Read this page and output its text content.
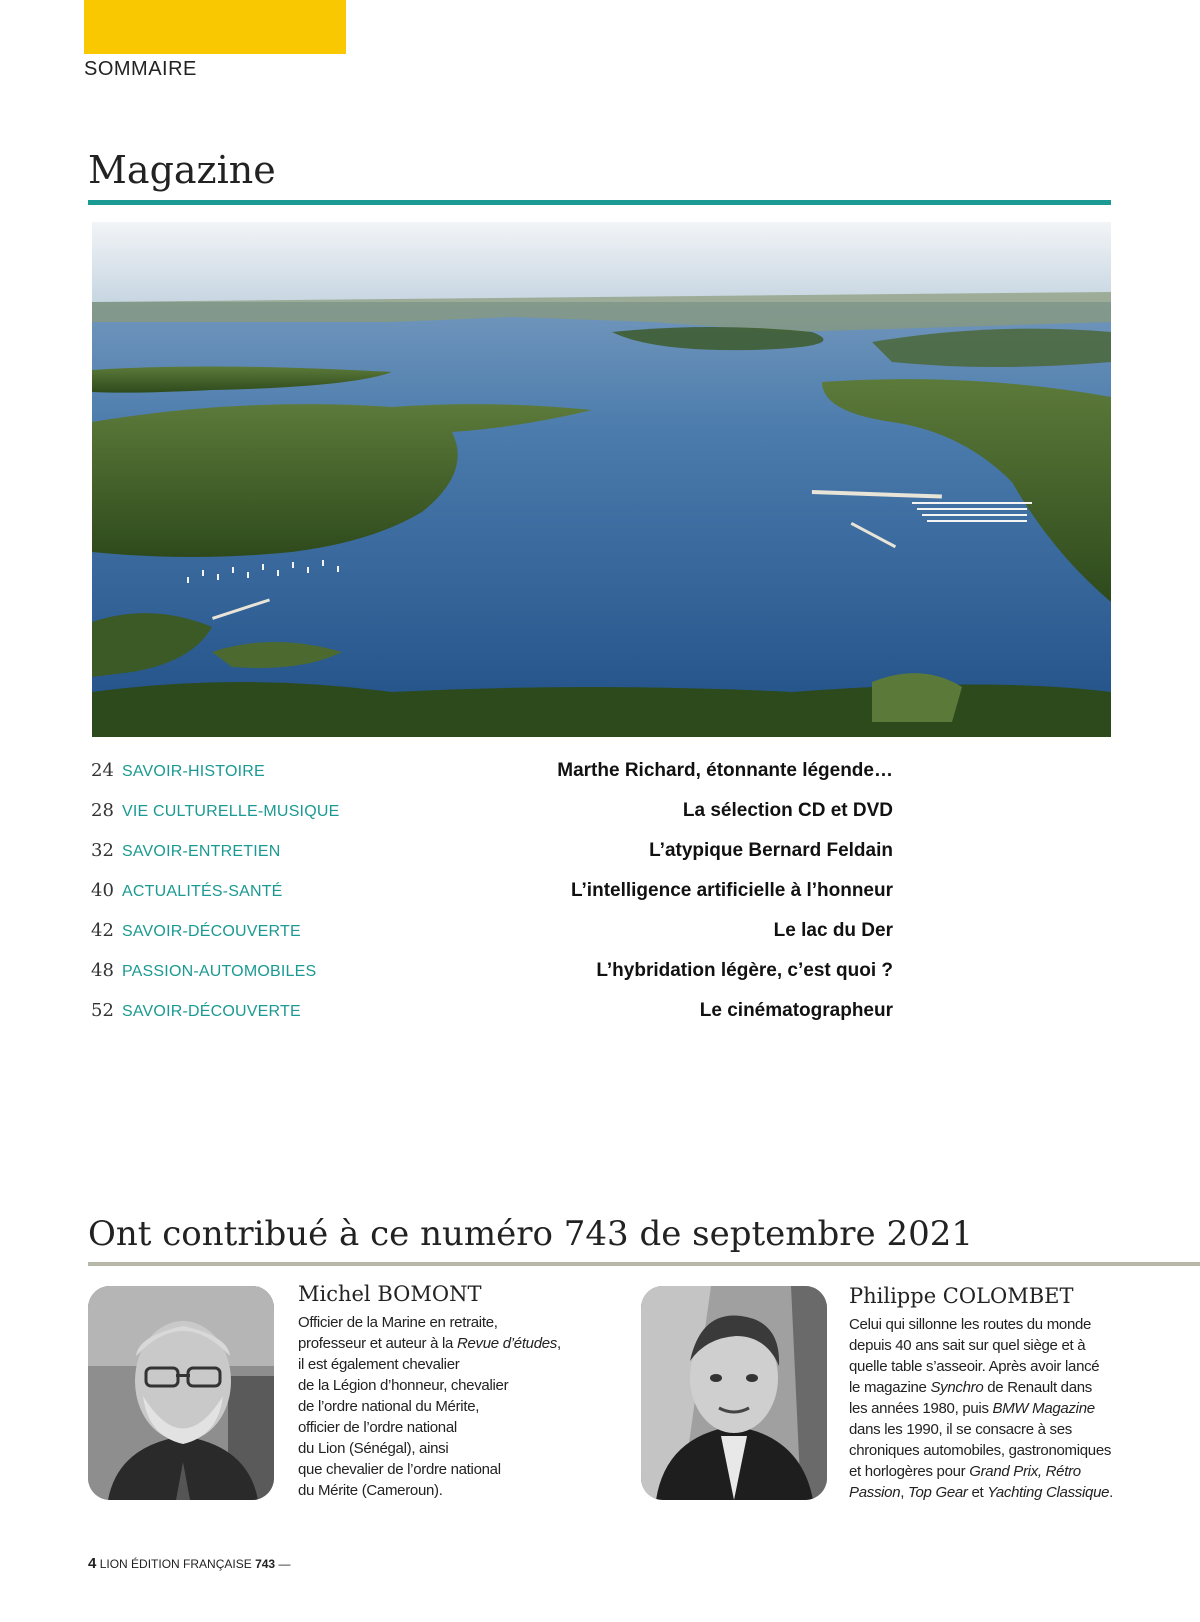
SOMMAIRE
Magazine
24 SAVOIR-HISTOIRE	Marthe Richard, étonnante légende…
28 VIE CULTURELLE-MUSIQUE	La sélection CD et DVD
32 SAVOIR-ENTRETIEN	L’atypique Bernard Feldain
40 ACTUALITÉS-SANTÉ	L’intelligence artificielle à l’honneur
42 SAVOIR-DÉCOUVERTE	Le lac du Der
48 PASSION-AUTOMOBILES	L’hybridation légère, c’est quoi ?
52 SAVOIR-DÉCOUVERTE	Le cinématographeur
Ont contribué à ce numéro 743 de septembre 2021
Michel BOMONT
Officier de la Marine en retraite,
professeur et auteur à la Revue d’études,
il est également chevalier
de la Légion d’honneur, chevalier
de l’ordre national du Mérite,
officier de l’ordre national
du Lion (Sénégal), ainsi
que chevalier de l’ordre national
du Mérite (Cameroun).
Philippe COLOMBET
Celui qui sillonne les routes du monde
depuis 40 ans sait sur quel siège et à
quelle table s’asseoir. Après avoir lancé
le magazine Synchro de Renault dans
les années 1980, puis BMW Magazine
dans les 1990, il se consacre à ses
chroniques automobiles, gastronomiques
et horlogères pour Grand Prix, Rétro
Passion, Top Gear et Yachting Classique.
4 LION ÉDITION FRANÇAISE 743 —
